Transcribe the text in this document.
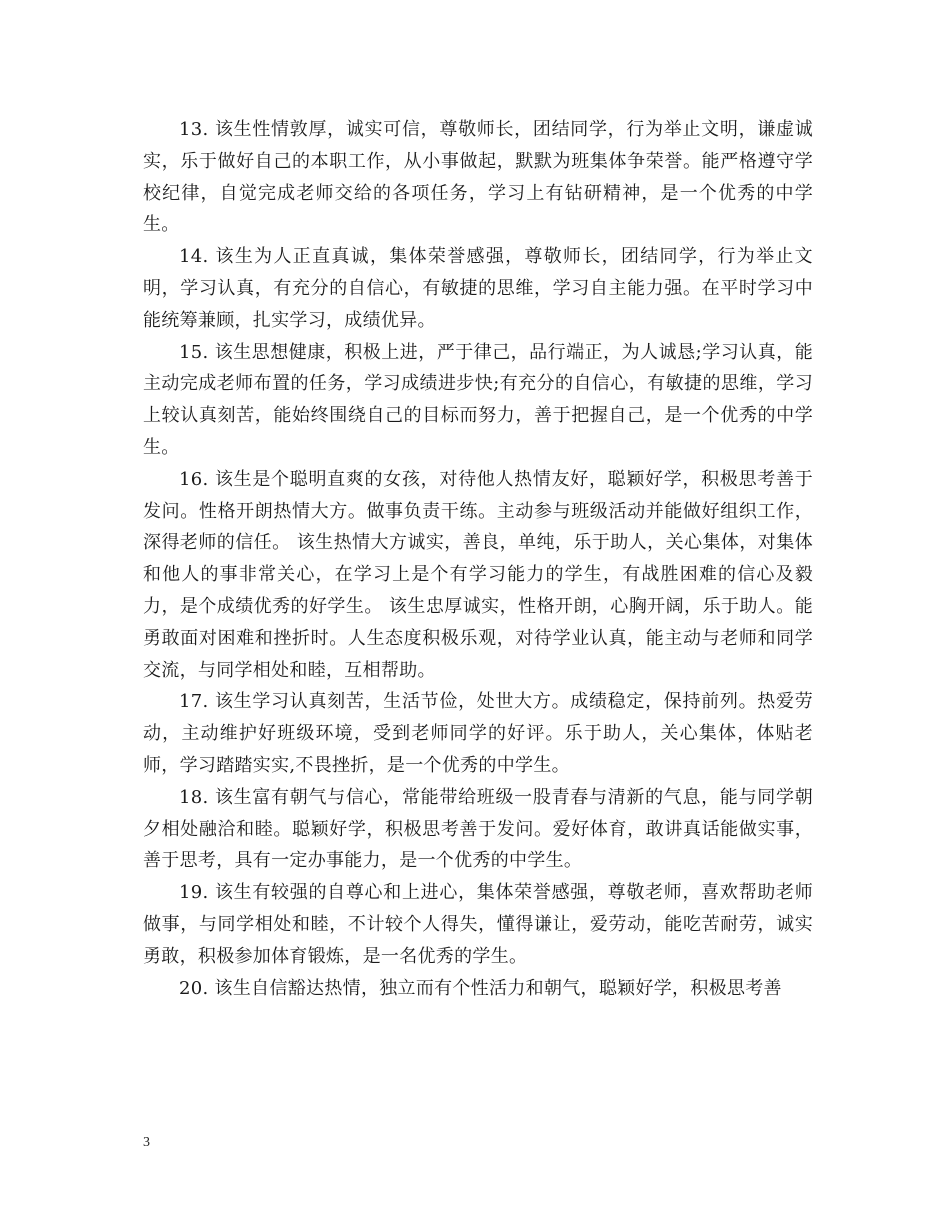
13. 该生性情敦厚，诚实可信，尊敬师长，团结同学，行为举止文明，谦虚诚实，乐于做好自己的本职工作，从小事做起，默默为班集体争荣誉。能严格遵守学校纪律，自觉完成老师交给的各项任务，学习上有钻研精神，是一个优秀的中学生。

14. 该生为人正直真诚，集体荣誉感强，尊敬师长，团结同学，行为举止文明，学习认真，有充分的自信心，有敏捷的思维，学习自主能力强。在平时学习中能统筹兼顾，扎实学习，成绩优异。

15. 该生思想健康，积极上进，严于律己，品行端正，为人诚恳;学习认真，能主动完成老师布置的任务，学习成绩进步快;有充分的自信心，有敏捷的思维，学习上较认真刻苦，能始终围绕自己的目标而努力，善于把握自己，是一个优秀的中学生。

16. 该生是个聪明直爽的女孩，对待他人热情友好，聪颖好学，积极思考善于发问。性格开朗热情大方。做事负责干练。主动参与班级活动并能做好组织工作，深得老师的信任。 该生热情大方诚实，善良，单纯，乐于助人，关心集体，对集体和他人的事非常关心，在学习上是个有学习能力的学生，有战胜困难的信心及毅力，是个成绩优秀的好学生。 该生忠厚诚实，性格开朗，心胸开阔，乐于助人。能勇敢面对困难和挫折时。人生态度积极乐观，对待学业认真，能主动与老师和同学交流，与同学相处和睦，互相帮助。

17. 该生学习认真刻苦，生活节俭，处世大方。成绩稳定，保持前列。热爱劳动，主动维护好班级环境，受到老师同学的好评。乐于助人，关心集体，体贴老师，学习踏踏实实,不畏挫折，是一个优秀的中学生。

18. 该生富有朝气与信心，常能带给班级一股青春与清新的气息，能与同学朝夕相处融洽和睦。聪颖好学，积极思考善于发问。爱好体育，敢讲真话能做实事，善于思考，具有一定办事能力，是一个优秀的中学生。

19. 该生有较强的自尊心和上进心，集体荣誉感强，尊敬老师，喜欢帮助老师做事，与同学相处和睦，不计较个人得失，懂得谦让，爱劳动，能吃苦耐劳，诚实勇敢，积极参加体育锻炼，是一名优秀的学生。

20. 该生自信豁达热情，独立而有个性活力和朝气，聪颖好学，积极思考善

3
